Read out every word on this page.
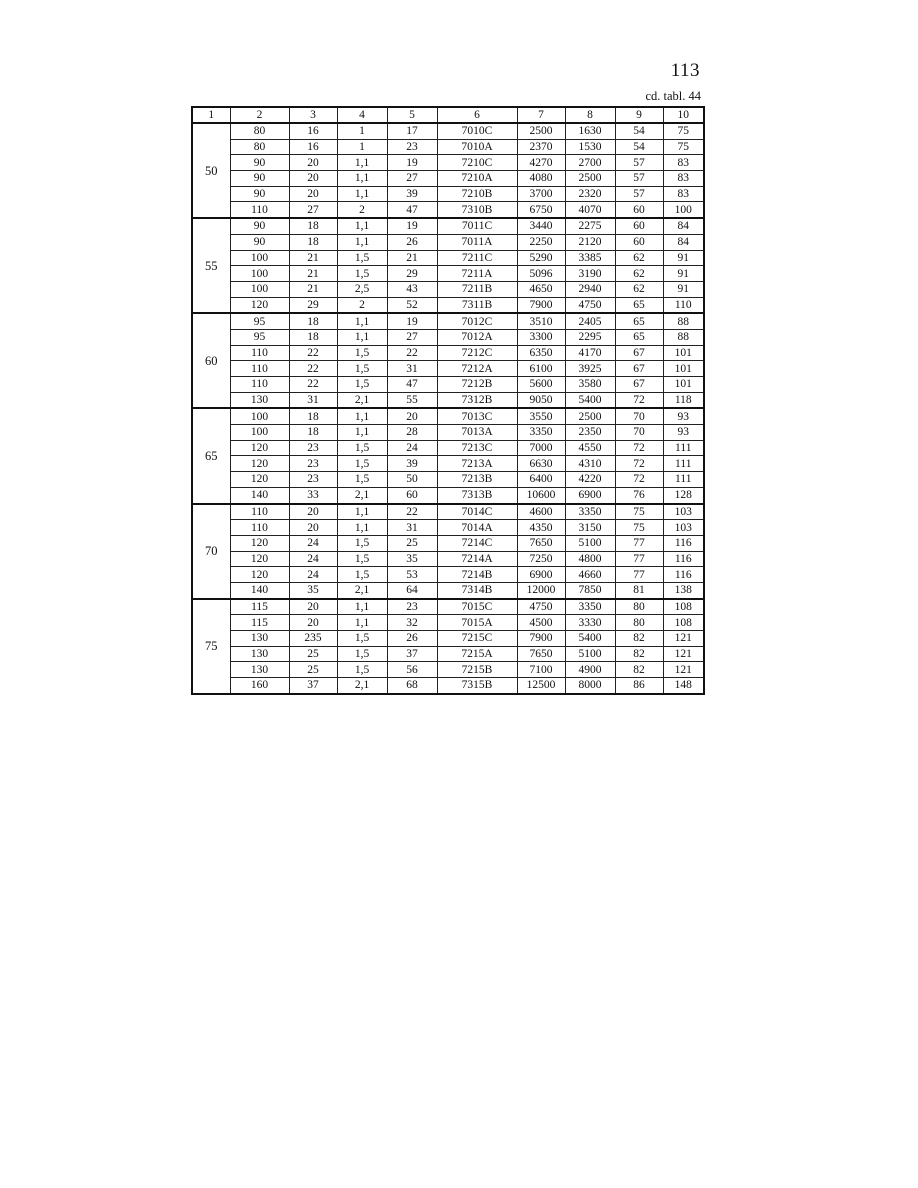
113
cd. tabl. 44
1	2	3	4	5	6	7	8	9	10
50	80	16	1	17	7010C	2500	1630	54	75
	80	16	1	23	7010A	2370	1530	54	75
	90	20	1,1	19	7210C	4270	2700	57	83
	90	20	1,1	27	7210A	4080	2500	57	83
	90	20	1,1	39	7210B	3700	2320	57	83
	110	27	2	47	7310B	6750	4070	60	100
55	90	18	1,1	19	7011C	3440	2275	60	84
	90	18	1,1	26	7011A	2250	2120	60	84
	100	21	1,5	21	7211C	5290	3385	62	91
	100	21	1,5	29	7211A	5096	3190	62	91
	100	21	2,5	43	7211B	4650	2940	62	91
	120	29	2	52	7311B	7900	4750	65	110
60	95	18	1,1	19	7012C	3510	2405	65	88
	95	18	1,1	27	7012A	3300	2295	65	88
	110	22	1,5	22	7212C	6350	4170	67	101
	110	22	1,5	31	7212A	6100	3925	67	101
	110	22	1,5	47	7212B	5600	3580	67	101
	130	31	2,1	55	7312B	9050	5400	72	118
65	100	18	1,1	20	7013C	3550	2500	70	93
	100	18	1,1	28	7013A	3350	2350	70	93
	120	23	1,5	24	7213C	7000	4550	72	111
	120	23	1,5	39	7213A	6630	4310	72	111
	120	23	1,5	50	7213B	6400	4220	72	111
	140	33	2,1	60	7313B	10600	6900	76	128
70	110	20	1,1	22	7014C	4600	3350	75	103
	110	20	1,1	31	7014A	4350	3150	75	103
	120	24	1,5	25	7214C	7650	5100	77	116
	120	24	1,5	35	7214A	7250	4800	77	116
	120	24	1,5	53	7214B	6900	4660	77	116
	140	35	2,1	64	7314B	12000	7850	81	138
75	115	20	1,1	23	7015C	4750	3350	80	108
	115	20	1,1	32	7015A	4500	3330	80	108
	130	235	1,5	26	7215C	7900	5400	82	121
	130	25	1,5	37	7215A	7650	5100	82	121
	130	25	1,5	56	7215B	7100	4900	82	121
	160	37	2,1	68	7315B	12500	8000	86	148
